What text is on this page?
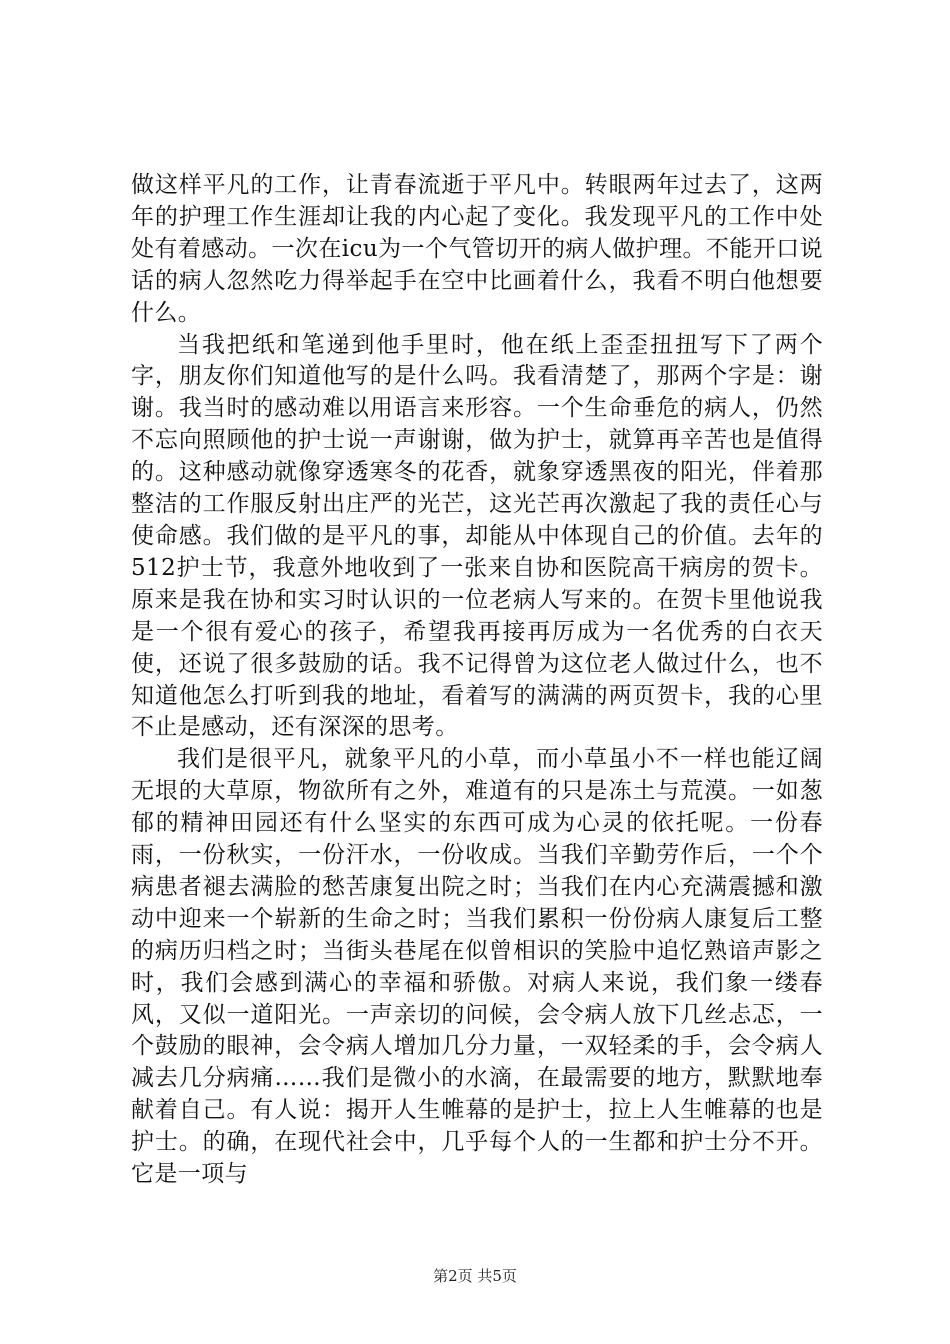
做这样平凡的工作，让青春流逝于平凡中。转眼两年过去了，这两年的护理工作生涯却让我的内心起了变化。我发现平凡的工作中处处有着感动。一次在icu为一个气管切开的病人做护理。不能开口说话的病人忽然吃力得举起手在空中比画着什么，我看不明白他想要什么。

当我把纸和笔递到他手里时，他在纸上歪歪扭扭写下了两个字，朋友你们知道他写的是什么吗。我看清楚了，那两个字是：谢谢。我当时的感动难以用语言来形容。一个生命垂危的病人，仍然不忘向照顾他的护士说一声谢谢，做为护士，就算再辛苦也是值得的。这种感动就像穿透寒冬的花香，就象穿透黑夜的阳光，伴着那整洁的工作服反射出庄严的光芒，这光芒再次激起了我的责任心与使命感。我们做的是平凡的事，却能从中体现自己的价值。去年的512护士节，我意外地收到了一张来自协和医院高干病房的贺卡。原来是我在协和实习时认识的一位老病人写来的。在贺卡里他说我是一个很有爱心的孩子，希望我再接再厉成为一名优秀的白衣天使，还说了很多鼓励的话。我不记得曾为这位老人做过什么，也不知道他怎么打听到我的地址，看着写的满满的两页贺卡，我的心里不止是感动，还有深深的思考。

我们是很平凡，就象平凡的小草，而小草虽小不一样也能辽阔无垠的大草原，物欲所有之外，难道有的只是冻土与荒漠。一如葱郁的精神田园还有什么坚实的东西可成为心灵的依托呢。一份春雨，一份秋实，一份汗水，一份收成。当我们辛勤劳作后，一个个病患者褪去满脸的愁苦康复出院之时；当我们在内心充满震撼和激动中迎来一个崭新的生命之时；当我们累积一份份病人康复后工整的病历归档之时；当街头巷尾在似曾相识的笑脸中追忆熟谙声影之时，我们会感到满心的幸福和骄傲。对病人来说，我们象一缕春风，又似一道阳光。一声亲切的问候，会令病人放下几丝忐忑，一个鼓励的眼神，会令病人增加几分力量，一双轻柔的手，会令病人减去几分病痛……我们是微小的水滴，在最需要的地方，默默地奉献着自己。有人说：揭开人生帷幕的是护士，拉上人生帷幕的也是护士。的确，在现代社会中，几乎每个人的一生都和护士分不开。它是一项与

第2页 共5页
